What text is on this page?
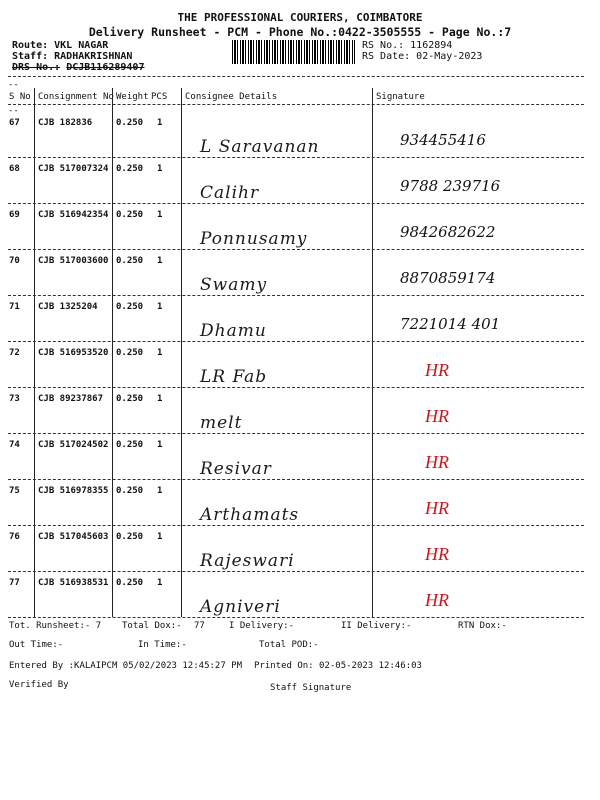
THE PROFESSIONAL COURIERS, COIMBATORE
Delivery Runsheet - PCM - Phone No.:0422-3505555 - Page No.:7
Route: VKL NAGAR
Staff: RADHAKRISHNAN
DRS No.: DCJB116289407
RS No.: 1162894
RS Date: 02-May-2023
--
S No Consignment No Weight PCS Consignee Details	Signature
--
67 CJB 182836	0.250 1
L Saravanan	934455416
68 CJB 517007324 0.250 1
Calihr	9788 239716
69 CJB 516942354 0.250 1
Ponnusamy	9842682622
70 CJB 517003600 0.250 1
Swamy	8870859174
71 CJB 1325204 0.250 1
Dhamu	7221014 401
72 CJB 516953520 0.250 1
LR Fab	HR
73 CJB 89237867 0.250 1
melt	HR
74 CJB 517024502 0.250 1
Resivar	HR
75 CJB 516978355 0.250 1
Arthamats	HR
76 CJB 517045603 0.250 1
Rajeswari	HR
77 CJB 516938531 0.250 1
Agniveri	HR
Tot. Runsheet:- 7 Total Dox:- 77	I Delivery:-	II Delivery:-	RTN Dox:-
Out Time:-	In Time:-	Total POD:-
Entered By :KALAIPCM 05/02/2023 12:45:27 PM Printed On: 02-05-2023 12:46:03
Verified By	Staff Signature
